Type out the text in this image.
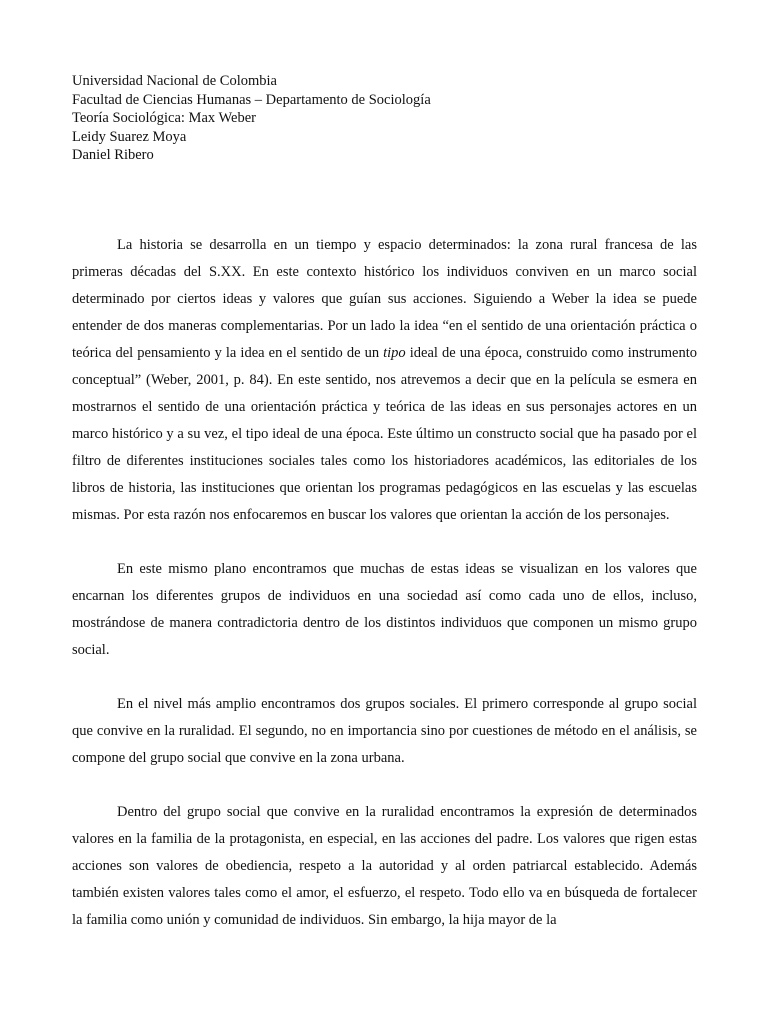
Universidad Nacional de Colombia
Facultad de Ciencias Humanas – Departamento de Sociología
Teoría Sociológica: Max Weber
Leidy Suarez Moya
Daniel Ribero

La historia se desarrolla en un tiempo y espacio determinados: la zona rural francesa de las primeras décadas del S.XX. En este contexto histórico los individuos conviven en un marco social determinado por ciertos ideas y valores que guían sus acciones. Siguiendo a Weber la idea se puede entender de dos maneras complementarias. Por un lado la idea “en el sentido de una orientación práctica o teórica del pensamiento y la idea en el sentido de un tipo ideal de una época, construido como instrumento conceptual” (Weber, 2001, p. 84). En este sentido, nos atrevemos a decir que en la película se esmera en mostrarnos el sentido de una orientación práctica y teórica de las ideas en sus personajes actores en un marco histórico y a su vez, el tipo ideal de una época. Este último un constructo social que ha pasado por el filtro de diferentes instituciones sociales tales como los historiadores académicos, las editoriales de los libros de historia, las instituciones que orientan los programas pedagógicos en las escuelas y las escuelas mismas. Por esta razón nos enfocaremos en buscar los valores que orientan la acción de los personajes.

En este mismo plano encontramos que muchas de estas ideas se visualizan en los valores que encarnan los diferentes grupos de individuos en una sociedad así como cada uno de ellos, incluso, mostrándose de manera contradictoria dentro de los distintos individuos que componen un mismo grupo social.

En el nivel más amplio encontramos dos grupos sociales. El primero corresponde al grupo social que convive en la ruralidad. El segundo, no en importancia sino por cuestiones de método en el análisis, se compone del grupo social que convive en la zona urbana.

Dentro del grupo social que convive en la ruralidad encontramos la expresión de determinados valores en la familia de la protagonista, en especial, en las acciones del padre. Los valores que rigen estas acciones son valores de obediencia, respeto a la autoridad y al orden patriarcal establecido. Además también existen valores tales como el amor, el esfuerzo, el respeto. Todo ello va en búsqueda de fortalecer la familia como unión y comunidad de individuos. Sin embargo, la hija mayor de la
